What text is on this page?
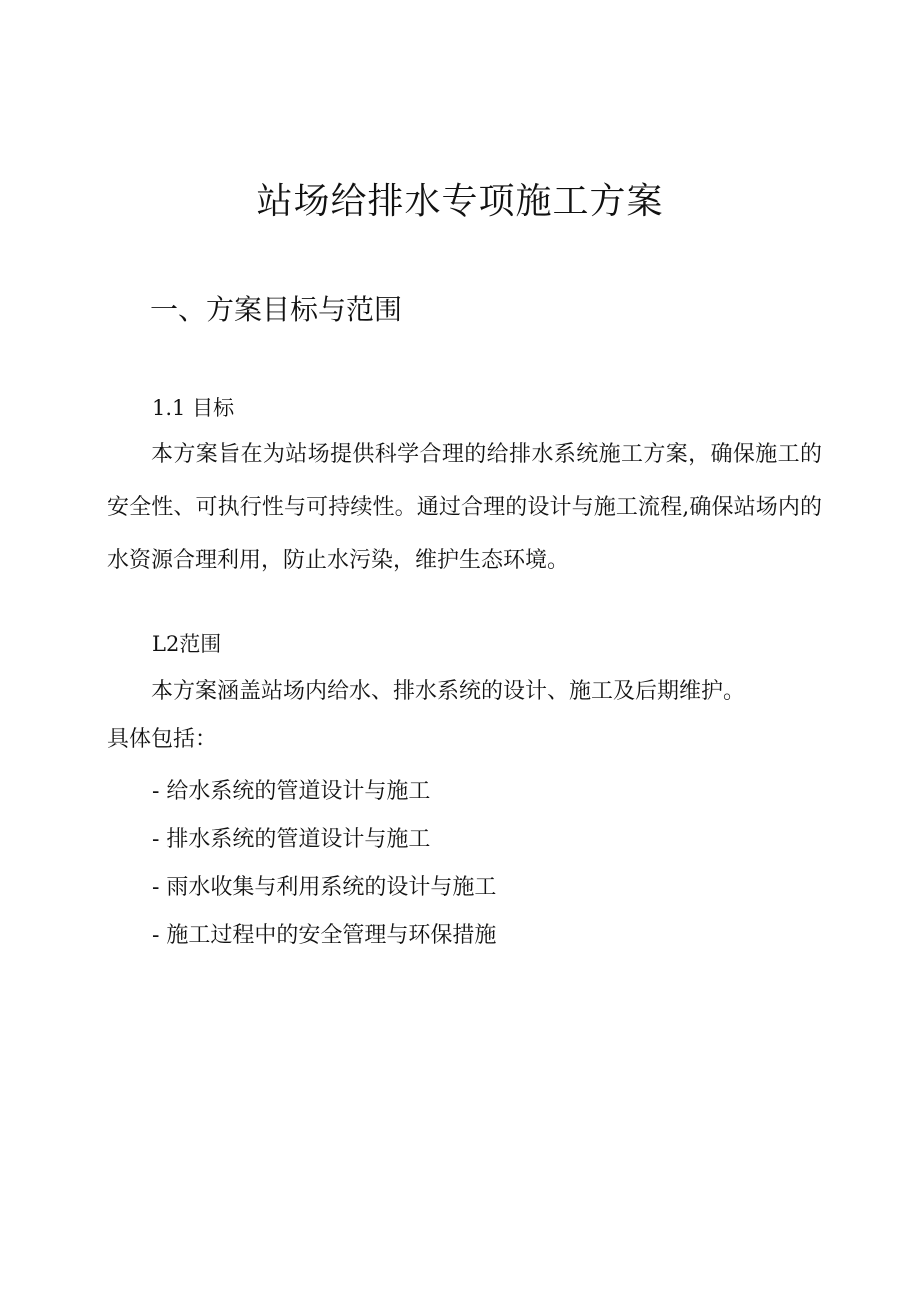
站场给排水专项施工方案
一、方案目标与范围
1.1 目标

本方案旨在为站场提供科学合理的给排水系统施工方案，确保施工的安全性、可执行性与可持续性。通过合理的设计与施工流程,确保站场内的水资源合理利用，防止水污染，维护生态环境。

L2范围
本方案涵盖站场内给水、排水系统的设计、施工及后期维护。
具体包括：
- 给水系统的管道设计与施工
- 排水系统的管道设计与施工
- 雨水收集与利用系统的设计与施工
- 施工过程中的安全管理与环保措施
